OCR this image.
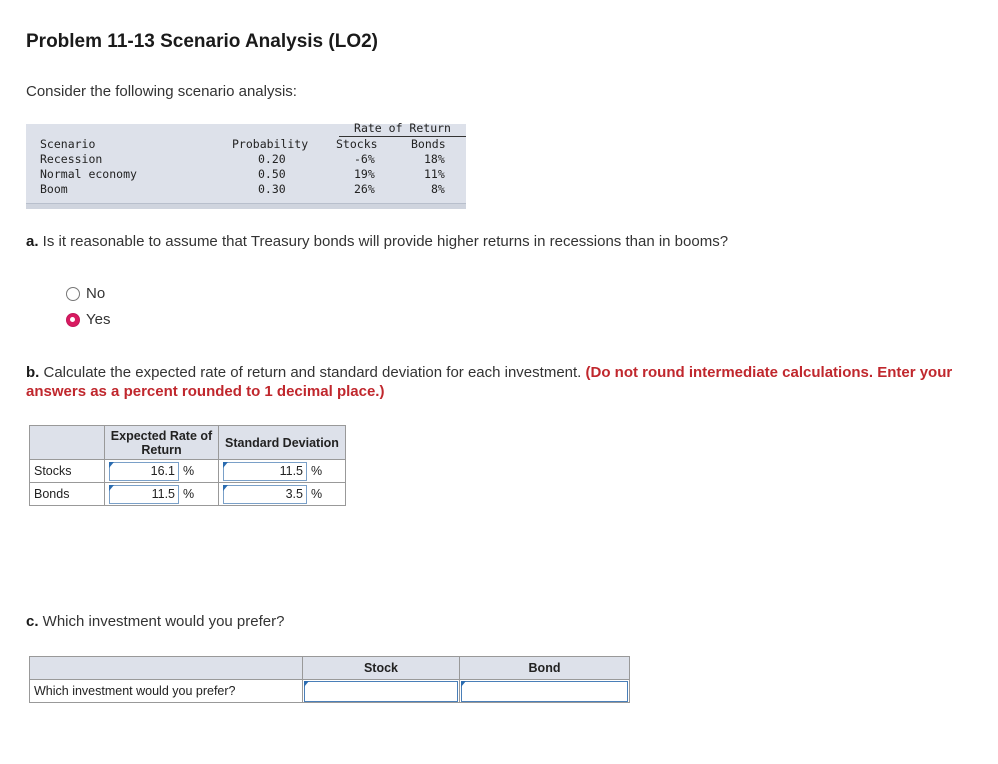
Problem 11-13 Scenario Analysis (LO2)
Consider the following scenario analysis:
Rate of Return
Scenario	Probability Stocks	Bonds
Recession	0.20	-6%	18%
Normal economy	0.50	19%	11%
Boom	0.30	26%	8%
a. Is it reasonable to assume that Treasury bonds will provide higher returns in recessions than in booms?
No
Yes
b. Calculate the expected rate of return and standard deviation for each investment. (Do not round intermediate calculations. Enter your answers as a percent rounded to 1 decimal place.)
	Expected Rate of Return	Standard Deviation
Stocks	16.1 %	11.5 %
Bonds	11.5 %	3.5 %
c. Which investment would you prefer?
	Stock	Bond
Which investment would you prefer?	
